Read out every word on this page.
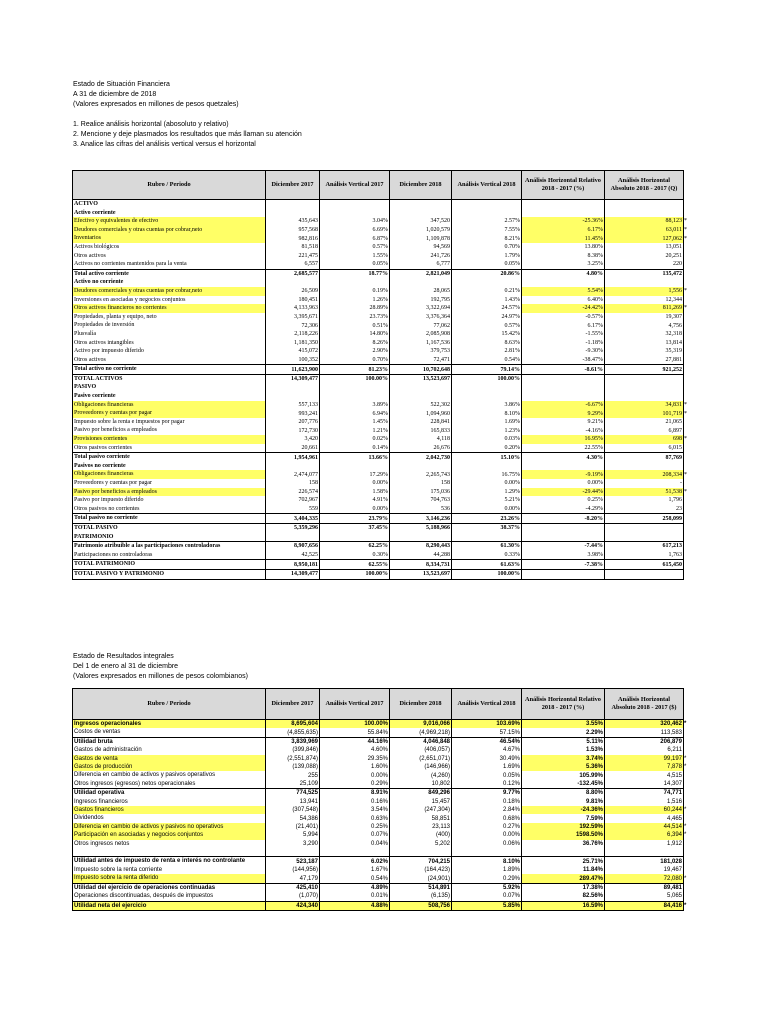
Estado de Situación Financiera
A 31 de diciembre de 2018
(Valores expresados en millones de pesos quetzales)
1. Realice análisis horizontal (abosoluto y relativo)
2. Mencione y deje plasmados los resultados que más llaman su atención
3. Analice las cifras del análisis vertical versus el horizontal
Rubro / Periodo	Diciembre 2017	Análisis Vertical 2017	Diciembre 2018	Análisis Vertical 2018	Análisis Horizontal Relativo 2018 - 2017 (%)	Análisis Horizontal Absoluto 2018 - 2017 (Q)	
ACTIVO							
Activo corriente							
Efectivo y equivalentes de efectivo	435,643	3.04%	347,520	2.57%	-25.36%	88,123	*
Deudores comerciales y otras cuentas por cobrar,neto	957,568	6.69%	1,020,579	7.55%	6.17%	63,011	*
Inventarios	982,816	6.87%	1,109,878	8.21%	11.45%	127,062	*
Activos biológicos	81,518	0.57%	94,569	0.70%	13.80%	13,051	
Otros activos	221,475	1.55%	241,726	1.79%	8.38%	20,251	
Activos no corrientes mantenidos para la venta	6,557	0.05%	6,777	0.05%	3.25%	220	
Total activo corriente	2,685,577	18.77%	2,821,049	20.86%	4.80%	135,472	
Activo no corriente							
Deudores comerciales y otras cuentas por cobrar,neto	26,509	0.19%	28,065	0.21%	5.54%	1,556	*
Inversiones en asociadas y negocios conjuntos	180,451	1.26%	192,795	1.43%	6.40%	12,344	
Otros activos financieros no corrientes	4,133,963	28.89%	3,322,694	24.57%	-24.42%	811,269	*
Propiedades, planta y equipo, neto	3,395,671	23.73%	3,376,364	24.97%	-0.57%	19,307	
Propiedades de inversión	72,306	0.51%	77,062	0.57%	6.17%	4,756	
Plusvalía	2,118,226	14.80%	2,085,908	15.42%	-1.55%	32,318	
Otros activos intangibles	1,181,350	8.26%	1,167,536	8.63%	-1.18%	13,814	
Activo por impuesto diferido	415,072	2.90%	379,753	2.81%	-9.30%	35,319	
Otros activos	100,352	0.70%	72,471	0.54%	-38.47%	27,881	
Total activo no corriente	11,623,900	81.23%	10,702,648	79.14%	-8.61%	921,252	
TOTAL ACTIVOS	14,309,477	100.00%	13,523,697	100.00%			
PASIVO							
Pasivo corriente							
Obligaciones financieras	557,133	3.89%	522,302	3.86%	-6.67%	34,831	*
Proveedores y cuentas por pagar	993,241	6.94%	1,094,960	8.10%	9.29%	101,719	*
Impuesto sobre la renta e impuestos por pagar	207,776	1.45%	228,841	1.69%	9.21%	21,065	
Pasivo por beneficios a empleados	172,730	1.21%	165,833	1.23%	-4.16%	6,897	
Provisiones corrientes	3,420	0.02%	4,118	0.03%	16.95%	698	*
Otros pasivos corrientes	20,661	0.14%	26,676	0.20%	22.55%	6,015	
Total pasivo corriente	1,954,961	13.66%	2,042,730	15.10%	4.30%	87,769	
Pasivos no corriente							
Obligaciones financieras	2,474,077	17.29%	2,265,743	16.75%	-9.19%	208,334	*
Proveedores y cuentas por pagar	158	0.00%	158	0.00%	0.00%	-	
Pasivo por beneficios a empleados	226,574	1.58%	175,036	1.29%	-29.44%	51,538	*
Pasivo por impuesto diferido	702,967	4.91%	704,763	5.21%	0.25%	1,796	
Otros pasivos no corrientes	559	0.00%	536	0.00%	-4.29%	23	
Total pasivo no corriente	3,404,335	23.79%	3,146,236	23.26%	-8.20%	258,099	
TOTAL PASIVO	5,359,296	37.45%	5,188,966	38.37%			
PATRIMONIO							
Patrimonio atribuible a las participaciones controladoras	8,907,656	62.25%	8,290,443	61.30%	-7.44%	617,213	
Participaciones no controladoras	42,525	0.30%	44,288	0.33%	3.98%	1,763	
TOTAL PATRIMONIO	8,950,181	62.55%	8,334,731	61.63%	-7.38%	615,450	
TOTAL PASIVO Y PATRIMONIO	14,309,477	100.00%	13,523,697	100.00%			
Estado de Resultados integrales
Del 1 de enero al 31 de diciembre
(Valores expresados en millones de pesos colombianos)
Rubro / Periodo	Diciembre 2017	Análisis Vertical 2017	Diciembre 2018	Análisis Vertical 2018	Análisis Horizontal Relativo 2018 - 2017 (%)	Análisis Horizontal Absoluto 2018 - 2017 ($)	
Ingresos operacionales	8,695,604	100.00%	9,016,066	103.69%	3.55%	320,462	*
Costos de ventas	(4,855,635)	55.84%	(4,969,218)	57.15%	2.29%	113,583	
Utilidad bruta	3,839,969	44.16%	4,046,848	46.54%	5.11%	206,879	
Gastos de administración	(399,846)	4.60%	(406,057)	4.67%	1.53%	6,211	
Gastos de venta	(2,551,874)	29.35%	(2,651,071)	30.49%	3.74%	99,197	*
Gastos de producción	(139,088)	1.60%	(146,966)	1.69%	5.36%	7,878	*
Diferencia en cambio de activos y pasivos operativos	255	0.00%	(4,260)	0.05%	105.99%	4,515	
Otros ingresos (egresos) netos operacionales	25,109	0.29%	10,802	0.12%	-132.45%	14,307	
Utilidad operativa	774,525	8.91%	849,296	9.77%	8.80%	74,771	
Ingresos financieros	13,941	0.16%	15,457	0.18%	9.81%	1,516	
Gastos financieros	(307,548)	3.54%	(247,304)	2.84%	-24.36%	60,244	*
Dividendos	54,386	0.63%	58,851	0.68%	7.59%	4,465	
Diferencia en cambio de activos y pasivos no operativos	(21,401)	0.25%	23,113	0.27%	192.59%	44,514	*
Participación en asociadas y negocios conjuntos	5,994	0.07%	(400)	0.00%	1598.50%	6,394	*
Otros ingresos netos	3,290	0.04%	5,202	0.06%	36.76%	1,912	

Utilidad antes de impuesto de renta e interés no controlante	523,187	6.02%	704,215	8.10%	25.71%	181,028	
Impuesto sobre la renta corriente	(144,956)	1.67%	(164,423)	1.89%	11.84%	19,467	
Impuesto sobre la renta diferido	47,179	0.54%	(24,901)	0.29%	289.47%	72,080	*
Utilidad del ejercicio de operaciones continuadas	425,410	4.89%	514,891	5.92%	17.38%	89,481	
Operaciones discontinuadas, después de impuestos	(1,070)	0.01%	(6,135)	0.07%	82.56%	5,065	
Utilidad neta del ejercicio	424,340	4.88%	508,756	5.85%	16.59%	84,416	*
